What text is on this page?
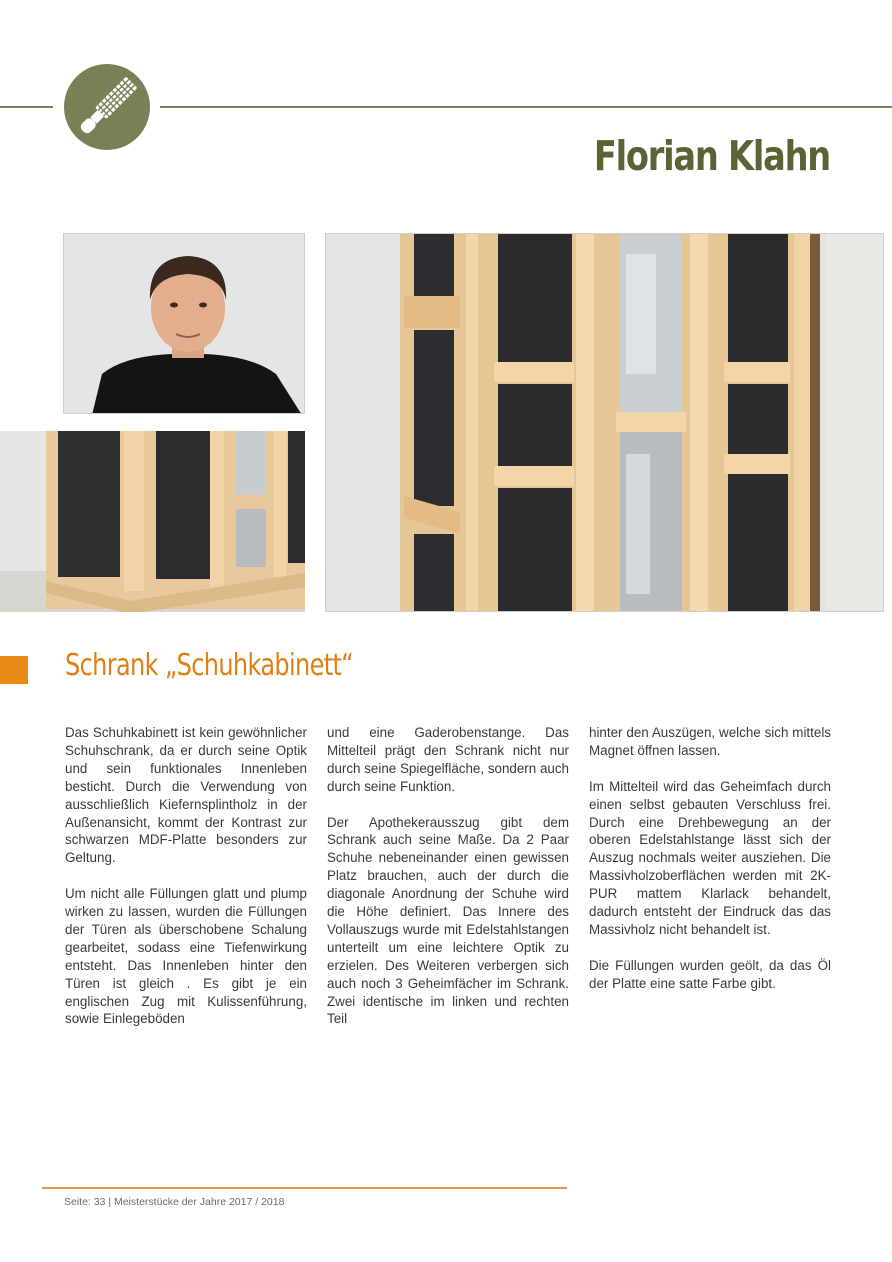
Florian Klahn
Schrank „Schuhkabinett“

Das Schuhkabinett ist kein gewöhnlicher Schuhschrank, da er durch seine Optik und sein funktionales Innenleben besticht. Durch die Verwendung von ausschließlich Kiefernsplintholz in der Außenansicht, kommt der Kontrast zur schwarzen MDF-Platte besonders zur Geltung.

Um nicht alle Füllungen glatt und plump wirken zu lassen, wurden die Füllungen der Türen als überschobene Schalung gearbeitet, sodass eine Tiefenwirkung entsteht. Das Innenleben hinter den Türen ist gleich . Es gibt je ein englischen Zug mit Kulissenführung, sowie Einlegeböden

und eine Gaderobenstange. Das Mittelteil prägt den Schrank nicht nur durch seine Spiegelfläche, sondern auch durch seine Funktion.

Der Apothekerausszug gibt dem Schrank auch seine Maße. Da 2 Paar Schuhe nebeneinander einen gewissen Platz brauchen, auch der durch die diagonale Anordnung der Schuhe wird die Höhe definiert. Das Innere des Vollauszugs wurde mit Edelstahlstangen unterteilt um eine leichtere Optik zu erzielen. Des Weiteren verbergen sich auch noch 3 Geheimfächer im Schrank. Zwei identische im linken und rechten Teil

hinter den Auszügen, welche sich mittels Magnet öffnen lassen.

Im Mittelteil wird das Geheimfach durch einen selbst gebauten Verschluss frei. Durch eine Drehbewegung an der oberen Edelstahlstange lässt sich der Auszug nochmals weiter ausziehen. Die Massivholzoberflächen werden mit 2K-PUR mattem Klarlack behandelt, dadurch entsteht der Eindruck das das Massivholz nicht behandelt ist.

Die Füllungen wurden geölt, da das Öl der Platte eine satte Farbe gibt.

Seite: 33 | Meisterstücke der Jahre 2017 / 2018
